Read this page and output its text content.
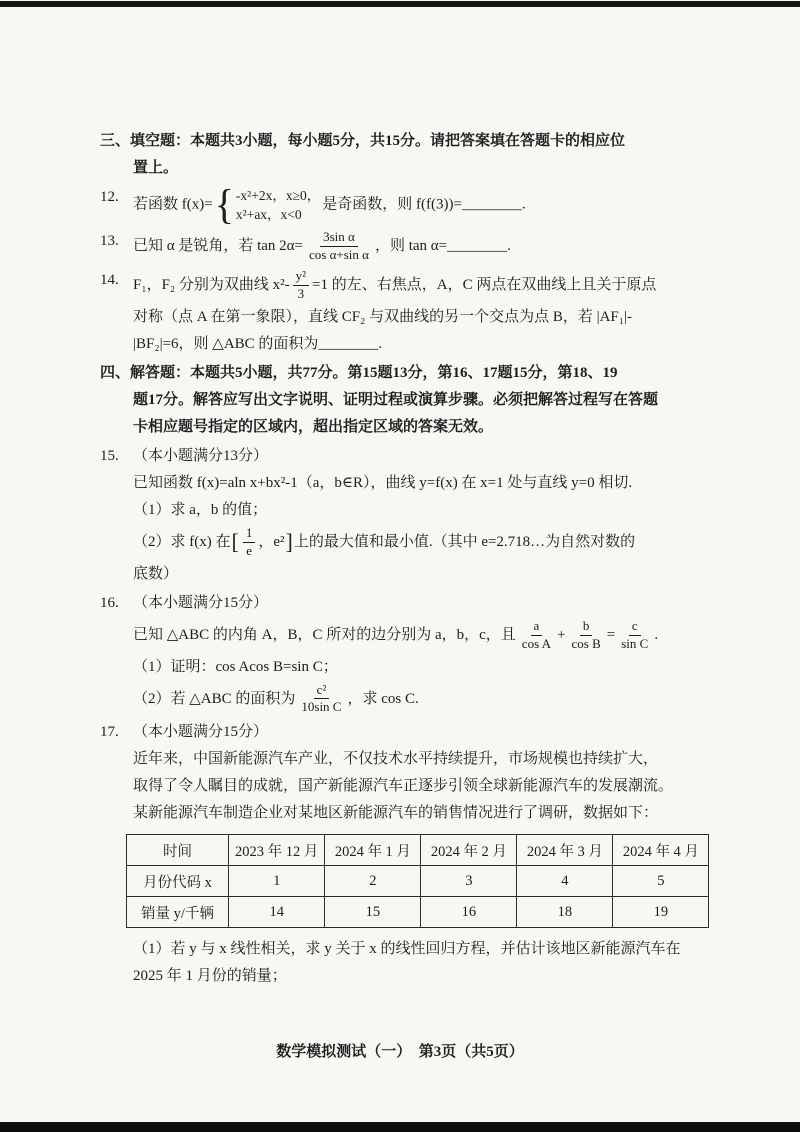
三、填空题：本题共3小题，每小题5分，共15分。请把答案填在答题卡的相应位
置上。
12. 若函数 f(x)= { -x²+2x，x≥0，
x²+ax，x<0
是奇函数，则 f(f(3))=________.
13. 已知 α 是锐角，若 $\tan 2\alpha= \frac{\text{3sin α}}{\text{cos α+sin α}}$ ，则 tan α=________.
14. F₁，F₂ 分别为双曲线 $x^2- \frac{\text{y²}}{3} =1$ 的左、右焦点，A，C 两点在双曲线上且关于原点
对称（点 A 在第一象限），直线 CF₂ 与双曲线的另一个交点为点 B，若 |AF₁|-
|BF₂|=6，则 △ABC 的面积为________.
四、解答题：本题共5小题，共77分。第15题13分，第16、17题15分，第18、19
题17分。解答应写出文字说明、证明过程或演算步骤。必须把解答过程写在答题
卡相应题号指定的区域内，超出指定区域的答案无效。
15. （本小题满分13分）
已知函数 f(x)=aln x+bx²-1（a，b∈R），曲线 y=f(x) 在 x=1 处与直线 y=0 相切.
（1）求 a，b 的值；
（2）求 f(x) 在[ $\frac{1}{e}$ ，e²]上的最大值和最小值.（其中 e=2.718…为自然对数的
底数）
16. （本小题满分15分）
已知 △ABC 的内角 A，B，C 所对的边分别为 a，b，c，且 $\frac{a}{\text{cos A}} + \frac{b}{\text{cos B}} = \frac{c}{\text{sin C}}$ .
（1）证明：cos Acos B=sin C；
（2）若 △ABC 的面积为 $\frac{\text{c²}}{\text{10sin C}}$ ，求 cos C.
17. （本小题满分15分）
近年来，中国新能源汽车产业，不仅技术水平持续提升，市场规模也持续扩大，
取得了令人瞩目的成就，国产新能源汽车正逐步引领全球新能源汽车的发展潮流。
某新能源汽车制造企业对某地区新能源汽车的销售情况进行了调研，数据如下：
时间	2023 年 12 月	2024 年 1 月	2024 年 2 月	2024 年 3 月	2024 年 4 月
月份代码 x	1	2	3	4	5
销量 y/千辆	14	15	16	18	19
（1）若 y 与 x 线性相关，求 y 关于 x 的线性回归方程，并估计该地区新能源汽车在
2025 年 1 月份的销量；
数学模拟测试（一）　第3页（共5页）
